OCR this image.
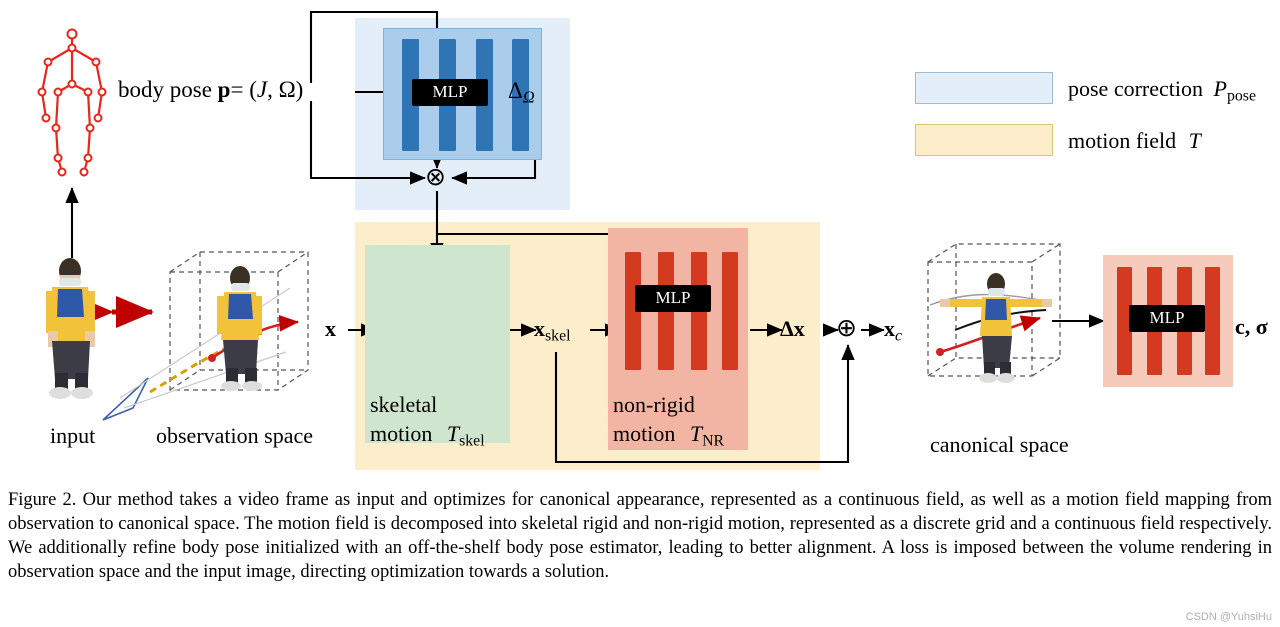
MLP
MLP
MLP
body pose p= (J, Ω)	$\Delta_\Omega$
⊗
⊕
x	$x_{skel}$	Δx	$x_c$	c, σ
skeletal
motion $T_{skel}$
non-rigid
motion $T_{NR}$
input	observation space	canonical space
pose correction $P_{pose}$
motion field T
Figure 2. Our method takes a video frame as input and optimizes for canonical appearance, represented as a continuous field, as well as a motion field mapping from observation to canonical space. The motion field is decomposed into skeletal rigid and non-rigid motion, represented as a discrete grid and a continuous field respectively. We additionally refine body pose initialized with an off-the-shelf body pose estimator, leading to better alignment. A loss is imposed between the volume rendering in observation space and the input image, directing optimization towards a solution.
CSDN @YuhsiHu
